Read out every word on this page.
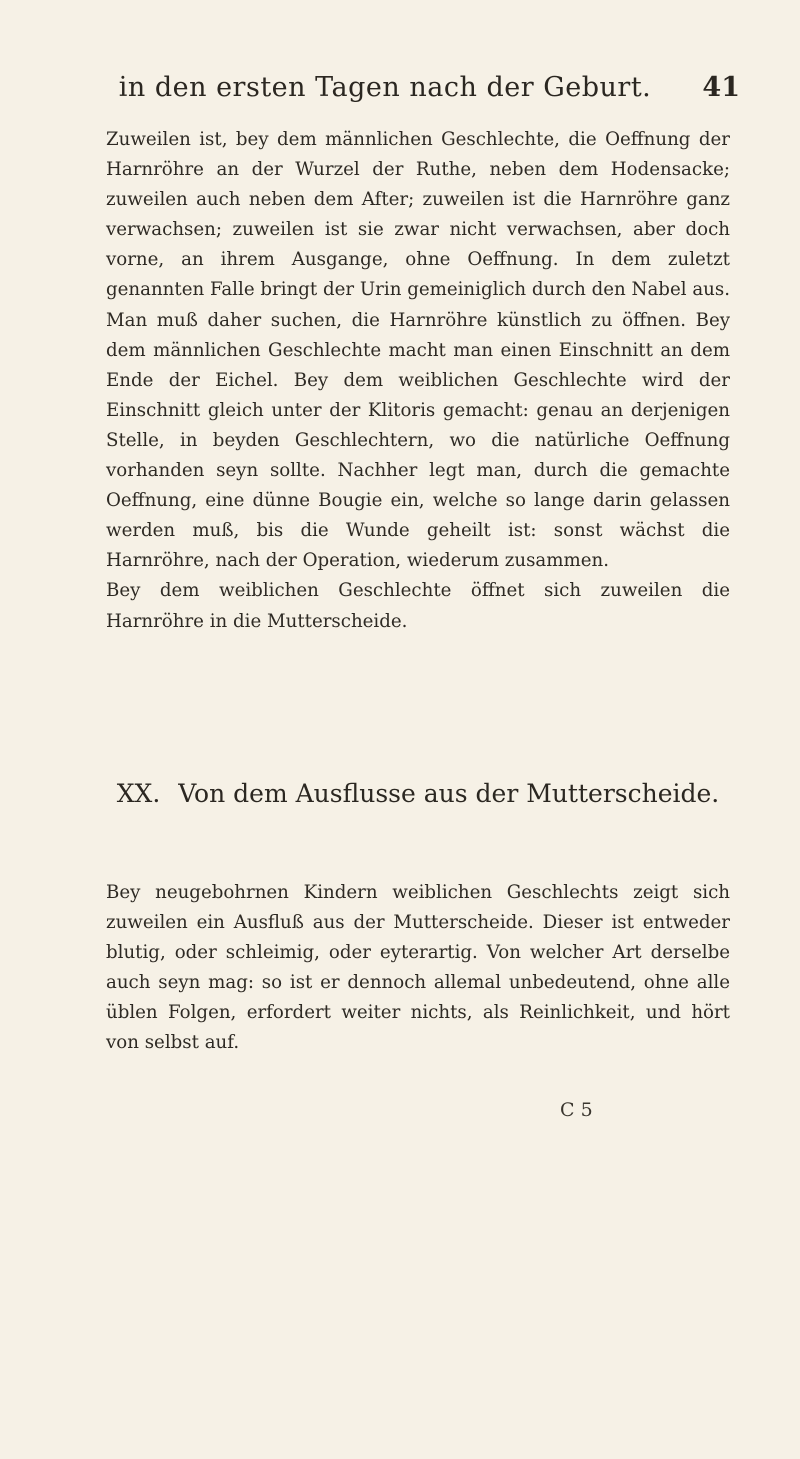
in den ersten Tagen nach der Geburt.	41

Zuweilen ist, bey dem männlichen Geschlechte, die Oeffnung der Harnröhre an der Wurzel der Ruthe, neben dem Hodensacke; zuweilen auch neben dem After; zuweilen ist die Harnröhre ganz verwachsen; zuweilen ist sie zwar nicht verwachsen, aber doch vorne, an ihrem Ausgange, ohne Oeffnung. In dem zuletzt genannten Falle bringt der Urin gemeiniglich durch den Nabel aus. Man muß daher suchen, die Harnröhre künstlich zu öffnen. Bey dem männlichen Geschlechte macht man einen Einschnitt an dem Ende der Eichel. Bey dem weiblichen Geschlechte wird der Einschnitt gleich unter der Klitoris gemacht: genau an derjenigen Stelle, in beyden Geschlechtern, wo die natürliche Oeffnung vorhanden seyn sollte. Nachher legt man, durch die gemachte Oeffnung, eine dünne Bougie ein, welche so lange darin gelassen werden muß, bis die Wunde geheilt ist: sonst wächst die Harnröhre, nach der Operation, wiederum zusammen.

Bey dem weiblichen Geschlechte öffnet sich zuweilen die Harnröhre in die Mutterscheide.

XX. Von dem Ausflusse aus der Mutterscheide.

Bey neugebohrnen Kindern weiblichen Geschlechts zeigt sich zuweilen ein Ausfluß aus der Mutterscheide. Dieser ist entweder blutig, oder schleimig, oder eyterartig. Von welcher Art derselbe auch seyn mag: so ist er dennoch allemal unbedeutend, ohne alle üblen Folgen, erfordert weiter nichts, als Reinlichkeit, und hört von selbst auf.

C 5
